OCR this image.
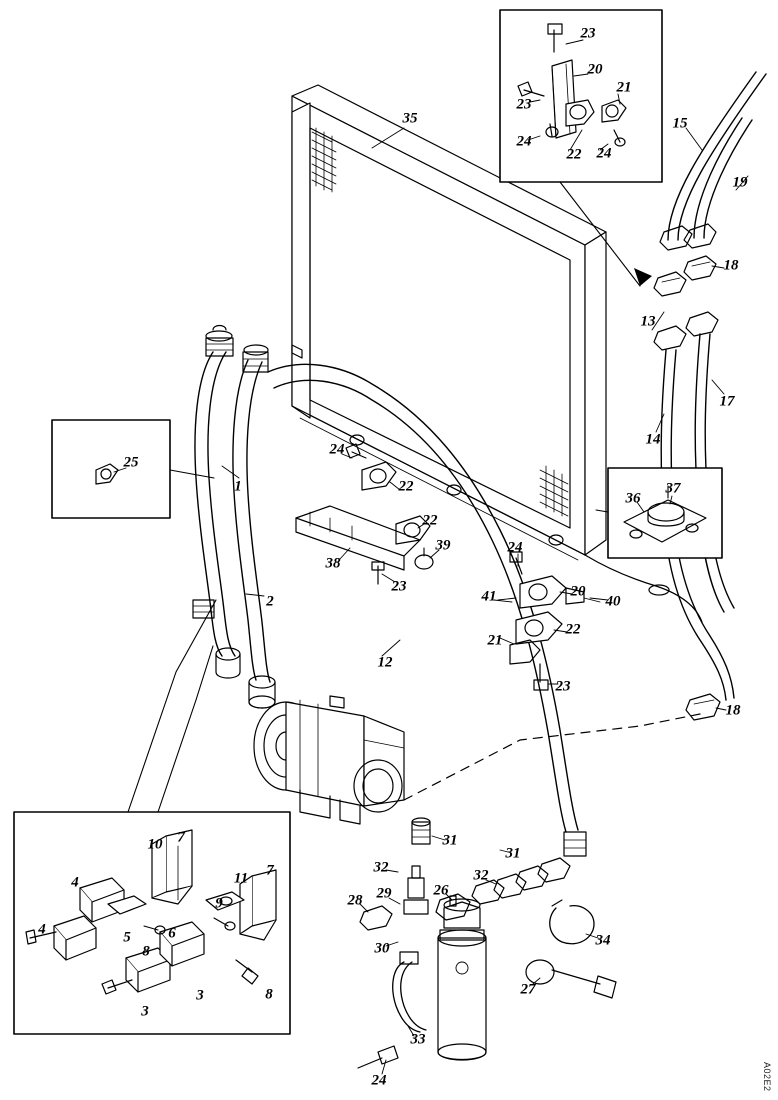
1
2
3
3
4
4	5	6
7
7
8
8
9
10
11
12
13
14
15
17
18
18
19
20
20
21
21
22
22
22
22
23
23
23
23
24
24
24
24
24
25
26
27
28 29
30
31
31
32	32
33
34
35
36
37
38
39
40
41
A02E2
